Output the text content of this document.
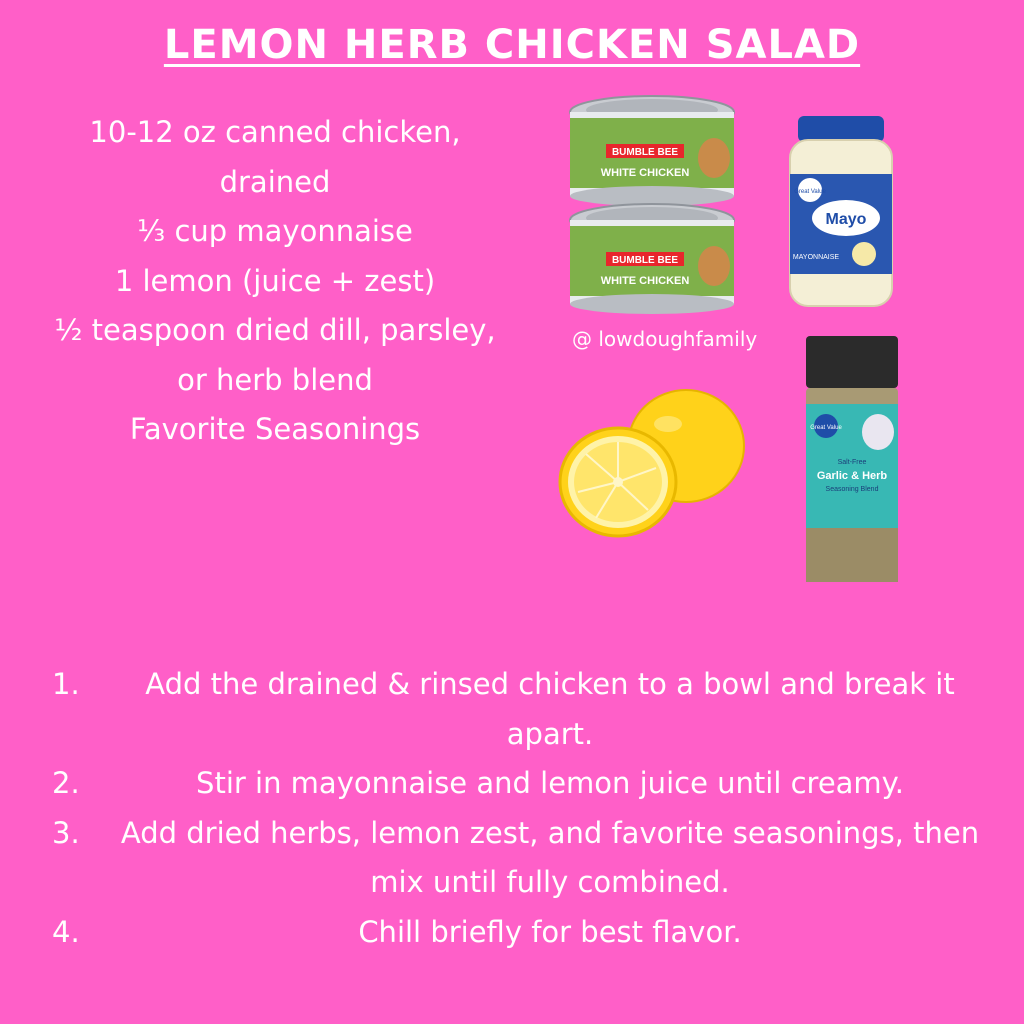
LEMON HERB CHICKEN SALAD
10-12 oz canned chicken,
drained
⅓ cup mayonnaise
1 lemon (juice + zest)
½ teaspoon dried dill, parsley,
or herb blend
Favorite Seasonings
BUMBLE BEE
WHITE CHICKEN
BUMBLE BEE
WHITE CHICKEN
Great Value
Mayo
MAYONNAISE
@ lowdoughfamily
Great Value
Salt-Free
Garlic & Herb
Seasoning Blend
1.	Add the drained & rinsed chicken to a bowl and break it apart.
2.	Stir in mayonnaise and lemon juice until creamy.
3.	Add dried herbs, lemon zest, and favorite seasonings, then mix until fully combined.
4.	Chill briefly for best flavor.
